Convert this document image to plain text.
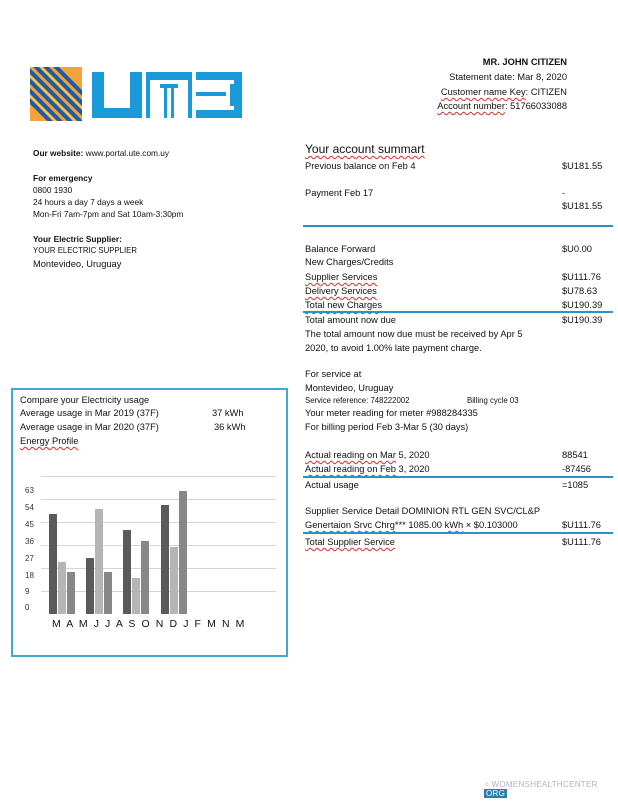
MR. JOHN CITIZEN
Statement date: Mar 8, 2020
Customer name Key: CITIZEN
Account number: 51766033088
Our website: www.portal.ute.com.uy
For emergency
0800 1930
24 hours a day 7 days a week
Mon-Fri 7am-7pm and Sat 10am-3:30pm
Your Electric Supplier:
YOUR ELECTRIC SUPPLIER
Montevideo, Uruguay
Your account summart
Previous balance on Feb 4	$U181.55
Payment Feb 17	-
$U181.55
Balance Forward	$U0.00
New Charges/Credits
Supplier Services	$U111.76
Delivery Services	$U78.63
Total new Charges	$U190.39
Total amount now due	$U190.39
The total amount now due must be received by Apr 5
2020, to avoid 1.00% late payment charge.
For service at
Montevideo, Uruguay
Service reference: 748222002	Billing cycle 03
Your meter reading for meter #988284335
For billing period Feb 3-Mar 5 (30 days)
Actual reading on Mar 5, 2020	88541
Actual reading on Feb 3, 2020	-87456
Actual usage	=1085
Supplier Service Detail DOMINION RTL GEN SVC/CL&P
Genertaion Srvc Chrg*** 1085.00 kWh × $0.103000	$U111.76
Total Supplier Service	$U111.76
Compare your Electricity usage
Average usage in Mar 2019 (37F)	37 kWh
Average usage in Mar 2020 (37F)	36 kWh
Energy Profile
63
54
45
36
27
18
9
0
M A M J J A S O N D J F M N M
⁖ WOMENSHEALTHCENTER ORG
